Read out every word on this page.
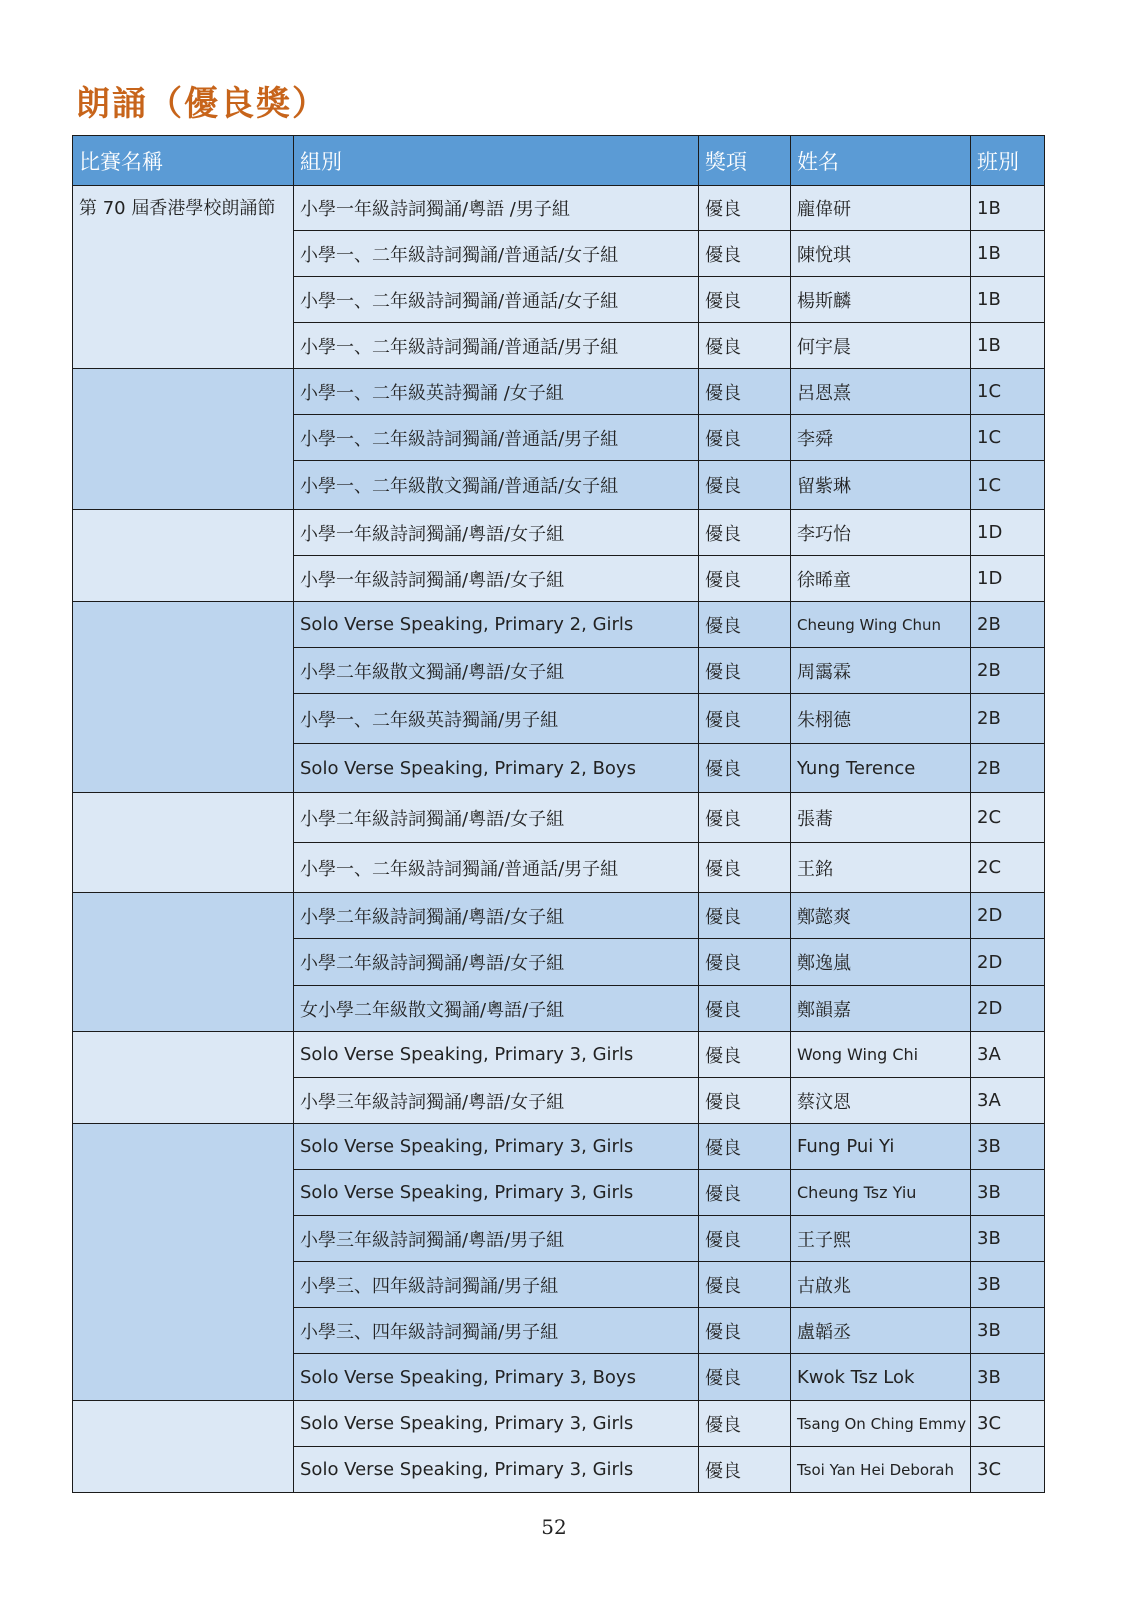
朗誦（優良獎）
比賽名稱	組別	獎項	姓名	班別
第 70 屆香港學校朗誦節	小學一年級詩詞獨誦/粵語 /男子組	優良	龐偉研	1B
	小學一、二年級詩詞獨誦/普通話/女子組	優良	陳悅琪	1B
	小學一、二年級詩詞獨誦/普通話/女子組	優良	楊斯麟	1B
	小學一、二年級詩詞獨誦/普通話/男子組	優良	何宇晨	1B
	小學一、二年級英詩獨誦 /女子組	優良	呂恩熹	1C
	小學一、二年級詩詞獨誦/普通話/男子組	優良	李舜	1C
	小學一、二年級散文獨誦/普通話/女子組	優良	留紫琳	1C
	小學一年級詩詞獨誦/粵語/女子組	優良	李巧怡	1D
	小學一年級詩詞獨誦/粵語/女子組	優良	徐晞童	1D
	Solo Verse Speaking, Primary 2, Girls	優良	Cheung Wing Chun	2B
	小學二年級散文獨誦/粵語/女子組	優良	周靄霖	2B
	小學一、二年級英詩獨誦/男子組	優良	朱栩德	2B
	Solo Verse Speaking, Primary 2, Boys	優良	Yung Terence	2B
	小學二年級詩詞獨誦/粵語/女子組	優良	張蕎	2C
	小學一、二年級詩詞獨誦/普通話/男子組	優良	王銘	2C
	小學二年級詩詞獨誦/粵語/女子組	優良	鄭懿爽	2D
	小學二年級詩詞獨誦/粵語/女子組	優良	鄭逸嵐	2D
	女小學二年級散文獨誦/粵語/子組	優良	鄭韻嘉	2D
	Solo Verse Speaking, Primary 3, Girls	優良	Wong Wing Chi	3A
	小學三年級詩詞獨誦/粵語/女子組	優良	蔡汶恩	3A
	Solo Verse Speaking, Primary 3, Girls	優良	Fung Pui Yi	3B
	Solo Verse Speaking, Primary 3, Girls	優良	Cheung Tsz Yiu	3B
	小學三年級詩詞獨誦/粵語/男子組	優良	王子熙	3B
	小學三、四年級詩詞獨誦/男子組	優良	古啟兆	3B
	小學三、四年級詩詞獨誦/男子組	優良	盧韜丞	3B
	Solo Verse Speaking, Primary 3, Boys	優良	Kwok Tsz Lok	3B
	Solo Verse Speaking, Primary 3, Girls	優良	Tsang On Ching Emmy	3C
	Solo Verse Speaking, Primary 3, Girls	優良	Tsoi Yan Hei Deborah	3C
52
